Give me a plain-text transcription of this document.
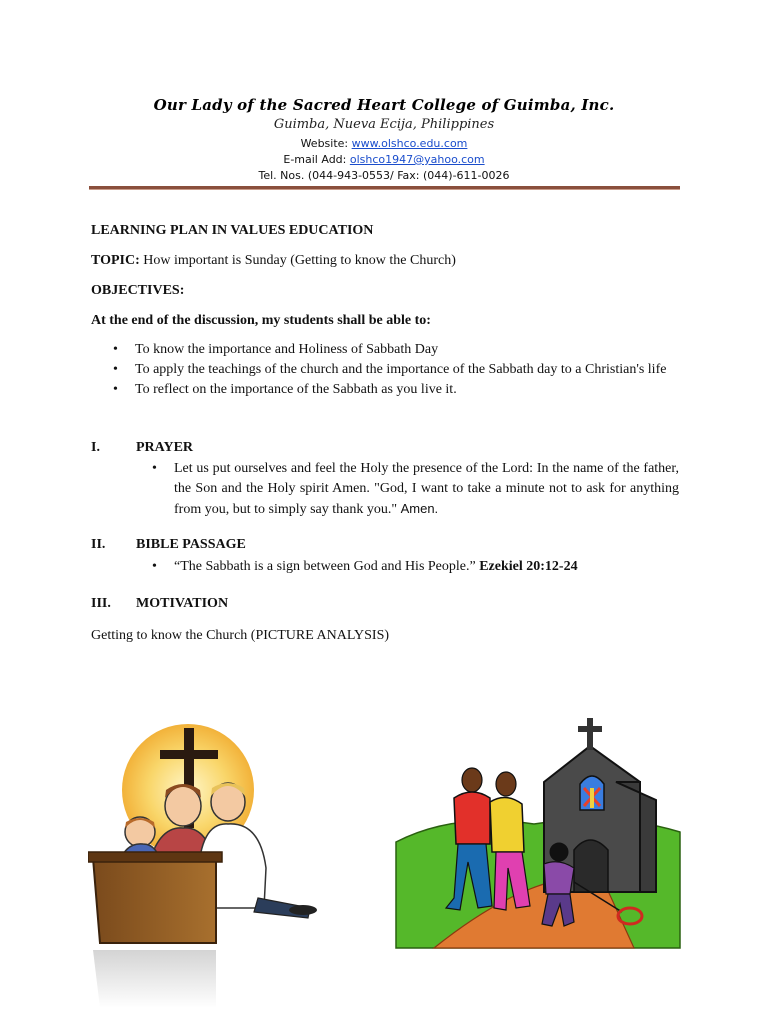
Our Lady of the Sacred Heart College of Guimba, Inc.
Guimba, Nueva Ecija, Philippines
Website: www.olshco.edu.com
E-mail Add: olshco1947@yahoo.com
Tel. Nos. (044-943-0553/ Fax: (044)-611-0026
LEARNING PLAN IN VALUES EDUCATION
TOPIC: How important is Sunday (Getting to know the Church)
OBJECTIVES:
At the end of the discussion, my students shall be able to:
• To know the importance and Holiness of Sabbath Day
• To apply the teachings of the church and the importance of the Sabbath day to a Christian's life
• To reflect on the importance of the Sabbath as you live it.
I.	PRAYER
• Let us put ourselves and feel the Holy the presence of the Lord: In the name of the father, the Son and the Holy spirit Amen. "God, I want to take a minute not to ask for anything from you, but to simply say thank you." Amen.
II. BIBLE PASSAGE
• “The Sabbath is a sign between God and His People.” Ezekiel 20:12-24
III. MOTIVATION
Getting to know the Church (PICTURE ANALYSIS)
